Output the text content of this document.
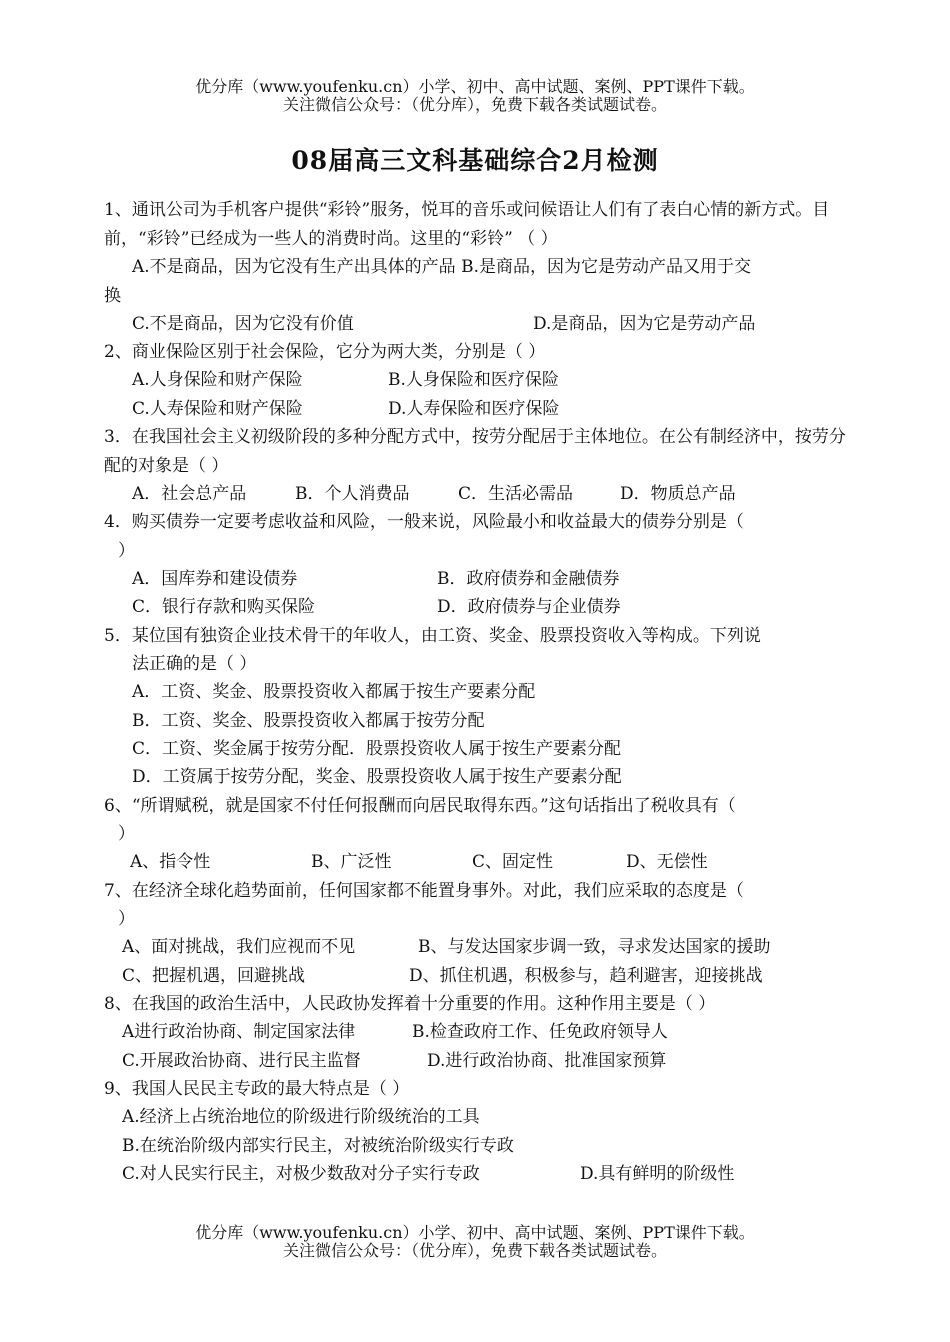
优分库（www.youfenku.cn）小学、初中、高中试题、案例、PPT课件下载。
关注微信公众号：（优分库），免费下载各类试题试卷。
08届高三文科基础综合2月检测
1、通讯公司为手机客户提供“彩铃”服务，悦耳的音乐或问候语让人们有了表白心情的新方式。目前，“彩铃”已经成为一些人的消费时尚。这里的“彩铃” （ ）
A.不是商品，因为它没有生产出具体的产品 B.是商品，因为它是劳动产品又用于交
换
C.不是商品，因为它没有价值	D.是商品，因为它是劳动产品
2、商业保险区别于社会保险，它分为两大类，分别是（ ）
A.人身保险和财产保险	B.人身保险和医疗保险
C.人寿保险和财产保险	D.人寿保险和医疗保险
3．在我国社会主义初级阶段的多种分配方式中，按劳分配居于主体地位。在公有制经济中，按劳分配的对象是（ ）
A．社会总产品	B．个人消费品	C．生活必需品	D．物质总产品
4．购买债券一定要考虑收益和风险，一般来说，风险最小和收益最大的债券分别是（
）
A．国库券和建设债券	B．政府债券和金融债券
C．银行存款和购买保险	D．政府债券与企业债券
5．某位国有独资企业技术骨干的年收人，由工资、奖金、股票投资收入等构成。下列说
法正确的是（ ）
A．工资、奖金、股票投资收入都属于按生产要素分配
B．工资、奖金、股票投资收入都属于按劳分配
C．工资、奖金属于按劳分配．股票投资收人属于按生产要素分配
D．工资属于按劳分配，奖金、股票投资收人属于按生产要素分配
6、“所谓赋税，就是国家不付任何报酬而向居民取得东西。”这句话指出了税收具有（
）
A、指令性	B、广泛性	C、固定性	D、无偿性
7、在经济全球化趋势面前，任何国家都不能置身事外。对此，我们应采取的态度是（
）
A、面对挑战，我们应视而不见	B、与发达国家步调一致，寻求发达国家的援助
C、把握机遇，回避挑战	D、抓住机遇，积极参与，趋利避害，迎接挑战
8、在我国的政治生活中，人民政协发挥着十分重要的作用。这种作用主要是（ ）
A进行政治协商、制定国家法律	B.检查政府工作、任免政府领导人
C.开展政治协商、进行民主监督	D.进行政治协商、批准国家预算
9、我国人民民主专政的最大特点是（ ）
A.经济上占统治地位的阶级进行阶级统治的工具
B.在统治阶级内部实行民主，对被统治阶级实行专政
C.对人民实行民主，对极少数敌对分子实行专政	D.具有鲜明的阶级性
优分库（www.youfenku.cn）小学、初中、高中试题、案例、PPT课件下载。
关注微信公众号：（优分库），免费下载各类试题试卷。
